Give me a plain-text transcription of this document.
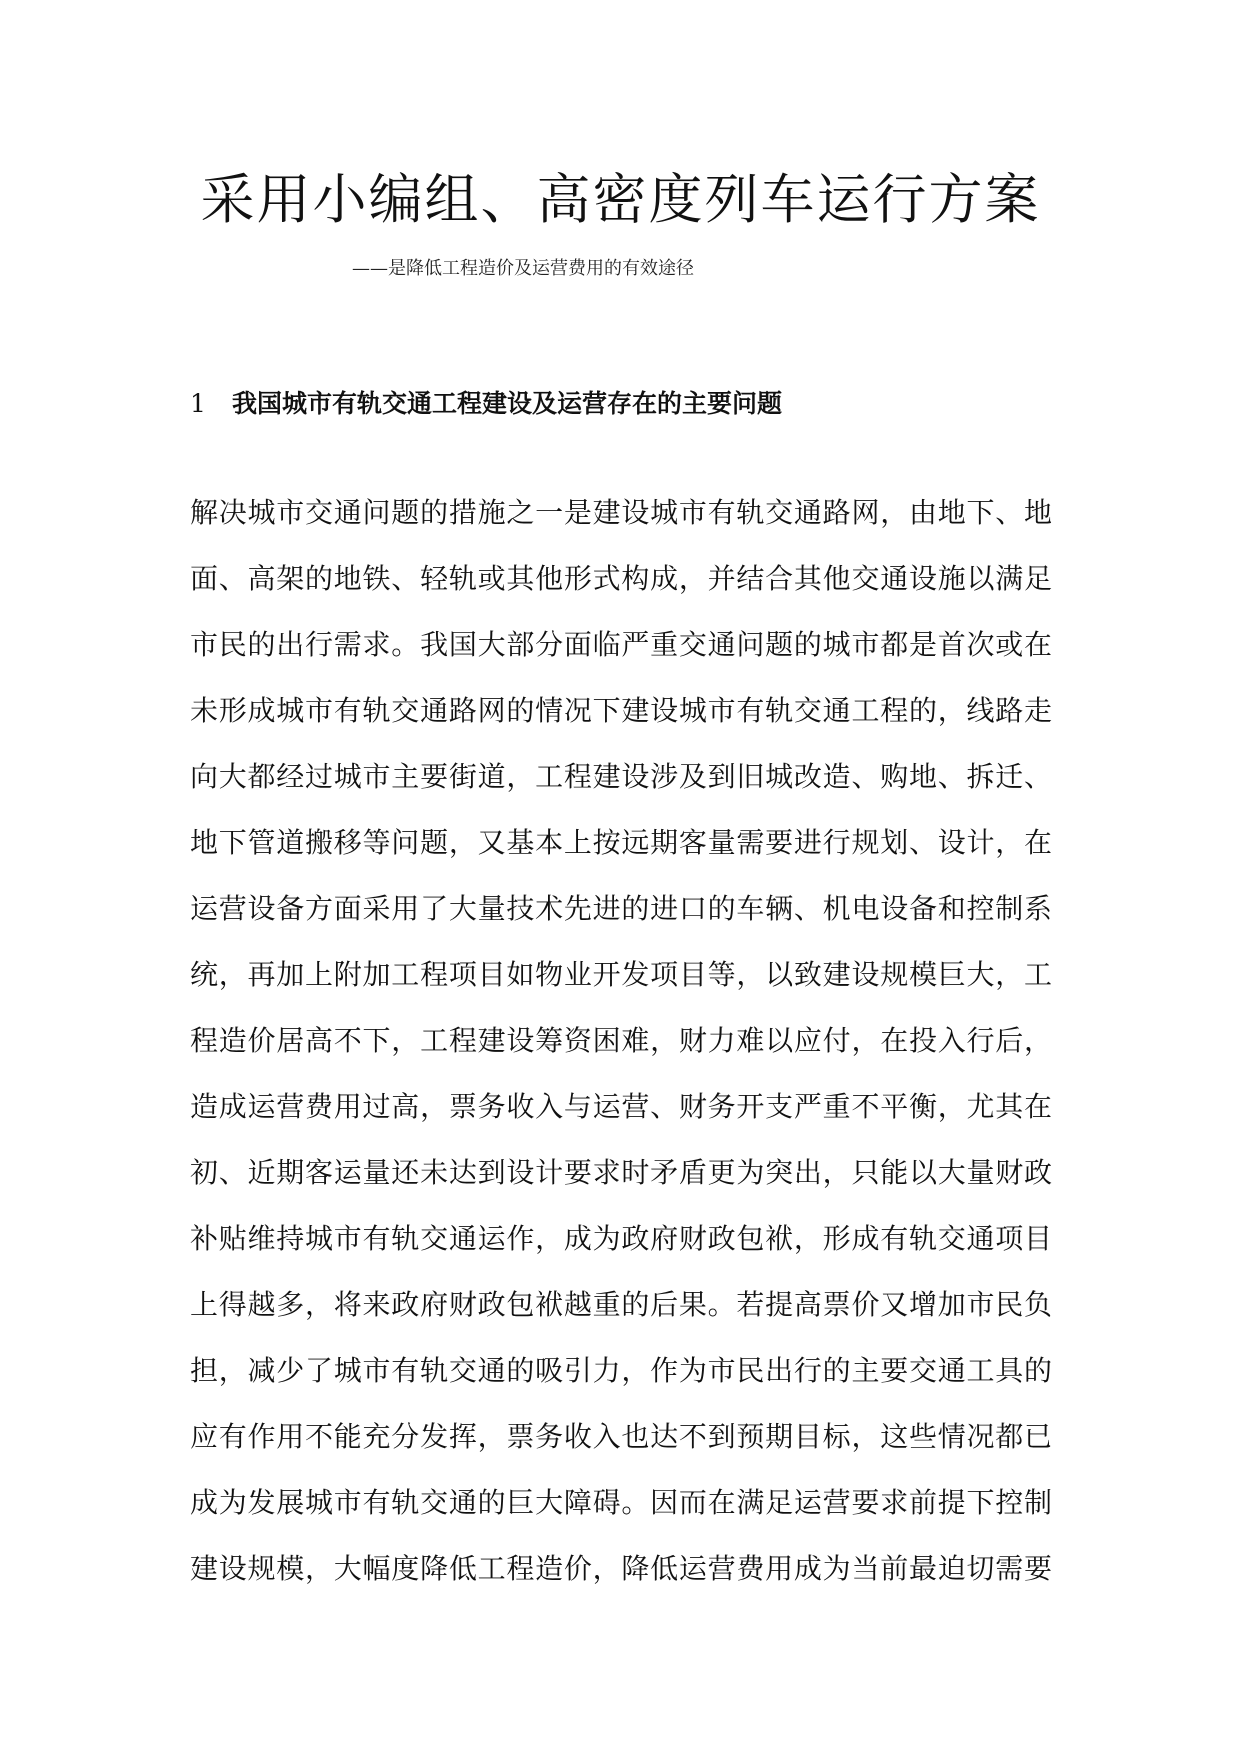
采用小编组、高密度列车运行方案

——是降低工程造价及运营费用的有效途径

1 我国城市有轨交通工程建设及运营存在的主要问题
解决城市交通问题的措施之一是建设城市有轨交通路网，由地下、地
面、高架的地铁、轻轨或其他形式构成，并结合其他交通设施以满足
市民的出行需求。我国大部分面临严重交通问题的城市都是首次或在
未形成城市有轨交通路网的情况下建设城市有轨交通工程的，线路走
向大都经过城市主要街道，工程建设涉及到旧城改造、购地、拆迁、
地下管道搬移等问题，又基本上按远期客量需要进行规划、设计，在
运营设备方面采用了大量技术先进的进口的车辆、机电设备和控制系
统，再加上附加工程项目如物业开发项目等，以致建设规模巨大，工
程造价居高不下，工程建设筹资困难，财力难以应付，在投入行后，
造成运营费用过高，票务收入与运营、财务开支严重不平衡，尤其在
初、近期客运量还未达到设计要求时矛盾更为突出，只能以大量财政
补贴维持城市有轨交通运作，成为政府财政包袱，形成有轨交通项目
上得越多，将来政府财政包袱越重的后果。若提高票价又增加市民负
担，减少了城市有轨交通的吸引力，作为市民出行的主要交通工具的
应有作用不能充分发挥，票务收入也达不到预期目标，这些情况都已
成为发展城市有轨交通的巨大障碍。因而在满足运营要求前提下控制
建设规模，大幅度降低工程造价，降低运营费用成为当前最迫切需要
